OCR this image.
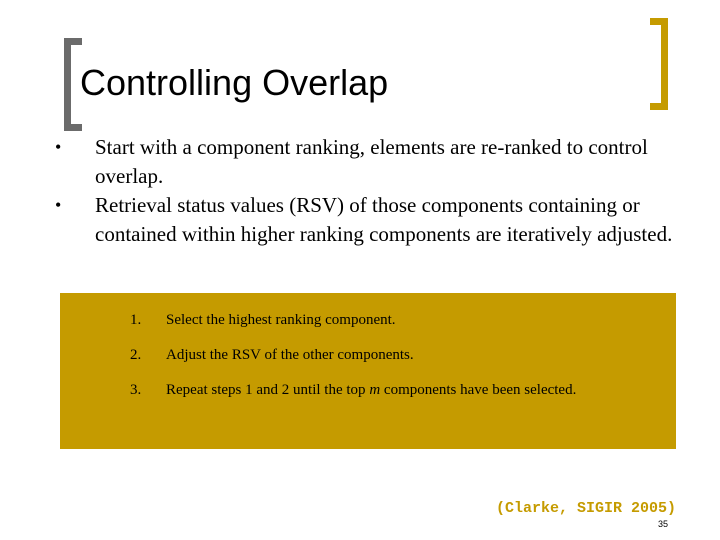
Controlling Overlap
• Start with a component ranking, elements are re-ranked to control overlap.
• Retrieval status values (RSV) of those components containing or contained within higher ranking components are iteratively adjusted.
1. Select the highest ranking component.
2. Adjust the RSV of the other components.
3. Repeat steps 1 and 2 until the top m components have been selected.

(Clarke, SIGIR 2005)

35
